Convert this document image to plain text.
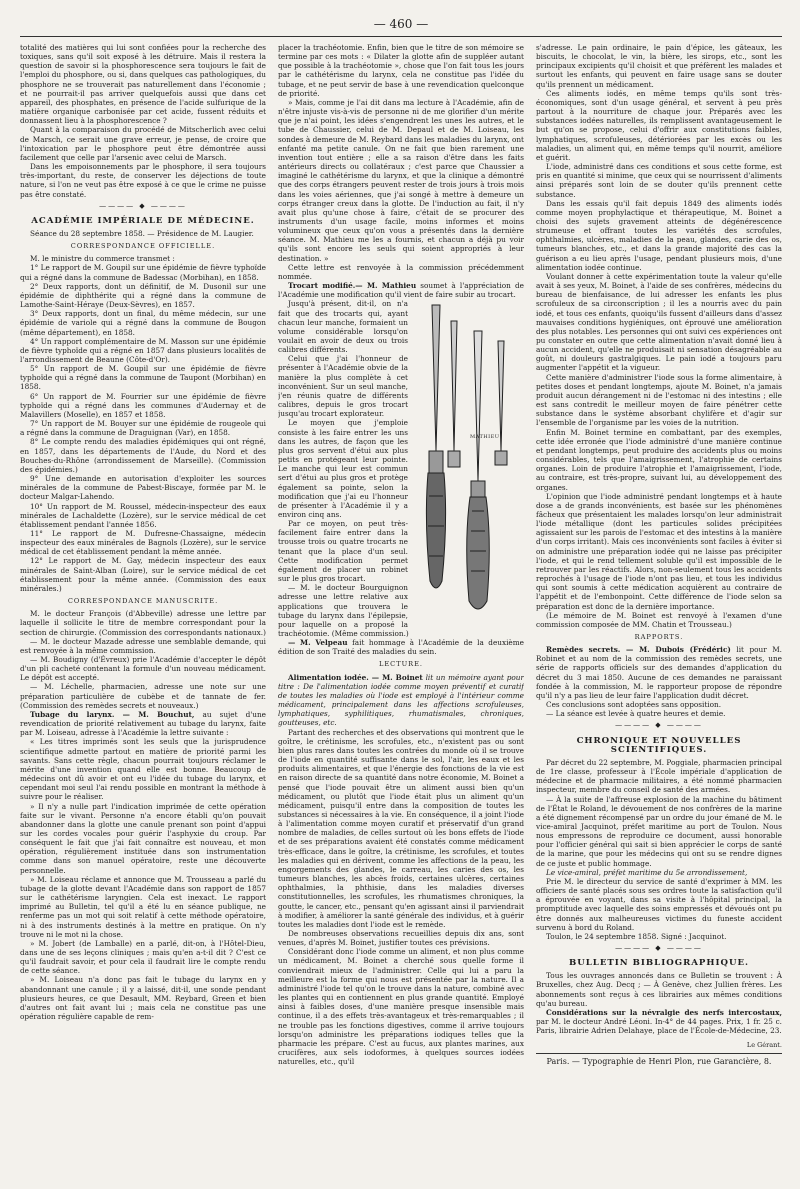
— 460 —

totalité des matières qui lui sont confiées pour la recherche des toxiques, sans qu'il soit exposé à les détruire. Mais il restera la question de savoir si la phosphorescence sera toujours le fait de l'emploi du phosphore, ou si, dans quelques cas pathologiques, du phosphore ne se trouverait pas naturellement dans l'économie ; et ne pourrait-il pas arriver quelquefois aussi que dans cet appareil, des phosphates, en présence de l'acide sulfurique de la matière organique carbonisée par cet acide, fussent réduits et donnassent lieu à la phosphorescence ?

Quant à la comparaison du procédé de Mitscherlich avec celui de Marsch, ce serait une grave erreur, je pense, de croire que l'intoxication par le phosphore peut être démontrée aussi facilement que celle par l'arsenic avec celui de Marsch.

Dans les empoisonnements par le phosphore, il sera toujours très-important, du reste, de conserver les déjections de toute nature, si l'on ne veut pas être exposé à ce que le crime ne puisse pas être constaté.

———— ◆ ————
ACADÉMIE IMPÉRIALE DE MÉDECINE.

Séance du 28 septembre 1858. — Présidence de M. Laugier.

CORRESPONDANCE OFFICIELLE.

M. le ministre du commerce transmet :

1° Le rapport de M. Goupil sur une épidémie de fièvre typhoïde qui a régné dans la commune de Badessac (Morbihan), en 1858.

2° Deux rapports, dont un définitif, de M. Dusonil sur une épidémie de diphthérite qui a régné dans la commune de Lamothe-Saint-Héraye (Deux-Sèvres), en 1857.

3° Deux rapports, dont un final, du même médecin, sur une épidémie de variole qui a régné dans la commune de Bougon (même département), en 1858.

4° Un rapport complémentaire de M. Masson sur une épidémie de fièvre typhoïde qui a régné en 1857 dans plusieurs localités de l'arrondissement de Beaune (Côte-d'Or).

5° Un rapport de M. Goupil sur une épidémie de fièvre typhoïde qui a régné dans la commune de Taupont (Morbihan) en 1858.

6° Un rapport de M. Fourrier sur une épidémie de fièvre typhoïde qui a régné dans les communes d'Audernay et de Malavillers (Moselle), en 1857 et 1858.

7° Un rapport de M. Bouyer sur une épidémie de rougeole qui a régné dans la commune de Draguignan (Var), en 1858.

8° Le compte rendu des maladies épidémiques qui ont régné, en 1857, dans les départements de l'Aude, du Nord et des Bouches-du-Rhône (arrondissement de Marseille). (Commission des épidémies.)

9° Une demande en autorisation d'exploiter les sources minérales de la commune de Pabest-Biscaye, formée par M. le docteur Malgar-Lahendo.

10° Un rapport de M. Roussel, médecin-inspecteur des eaux minérales de Lachaldette (Lozère), sur le service médical de cet établissement pendant l'année 1856.

11° Le rapport de M. Dufresne-Chassaigne, médecin inspecteur des eaux minérales de Bagnols (Lozère), sur le service médical de cet établissement pendant la même année.

12° Le rapport de M. Gay, médecin inspecteur des eaux minérales de Saint-Alban (Loire), sur le service médical de cet établissement pour la même année. (Commission des eaux minérales.)

CORRESPONDANCE MANUSCRITE.

M. le docteur François (d'Abbeville) adresse une lettre par laquelle il sollicite le titre de membre correspondant pour la section de chirurgie. (Commission des correspondants nationaux.)

— M. le docteur Mazade adresse une semblable demande, qui est renvoyée à la même commission.

— M. Boudigny (d'Évreux) prie l'Académie d'accepter le dépôt d'un pli cacheté contenant la formule d'un nouveau médicament. Le dépôt est accepté.

— M. Léchelle, pharmacien, adresse une note sur une préparation particulière de cubèbe et de tannate de fer. (Commission des remèdes secrets et nouveaux.)

Tubage du larynx. — M. Bouchut, au sujet d'une revendication de priorité relativement au tubage du larynx, faite par M. Loiseau, adresse à l'Académie la lettre suivante :

« Les titres imprimés sont les seuls que la jurisprudence scientifique admette partout en matière de priorité parmi les savants. Sans cette règle, chacun pourrait toujours réclamer le mérite d'une invention quand elle est bonne. Beaucoup de médecins ont dû avoir et ont eu l'idée du tubage du larynx, et cependant moi seul l'ai rendu possible en montrant la méthode à suivre pour le réaliser.

» Il n'y a nulle part l'indication imprimée de cette opération faite sur le vivant. Personne n'a encore établi qu'on pouvait abandonner dans la glotte une canule prenant son point d'appui sur les cordes vocales pour guérir l'asphyxie du croup. Par conséquent le fait que j'ai fait connaître est nouveau, et mon opération, régulièrement instituée dans son instrumentation comme dans son manuel opératoire, reste une découverte personnelle.

» M. Loiseau réclame et annonce que M. Trousseau a parlé du tubage de la glotte devant l'Académie dans son rapport de 1857 sur le cathétérisme laryngien. Cela est inexact. Le rapport imprimé au Bulletin, tel qu'il a été lu en séance publique, ne renferme pas un mot qui soit relatif à cette méthode opératoire, ni à des instruments destinés à la mettre en pratique. On n'y trouve ni le mot ni la chose.

» M. Jobert (de Lamballe) en a parlé, dit-on, à l'Hôtel-Dieu, dans une de ses leçons cliniques ; mais qu'en a-t-il dit ? C'est ce qu'il faudrait savoir, et pour cela il faudrait lire le compte rendu de cette séance.

» M. Loiseau n'a donc pas fait le tubage du larynx en y abandonnant une canule ; il y a laissé, dit-il, une sonde pendant plusieurs heures, ce que Desault, MM. Reybard, Green et bien d'autres ont fait avant lui ; mais cela ne constitue pas une opération régulière capable de rem-

placer la trachéotomie. Enfin, bien que le titre de son mémoire se termine par ces mots : « Dilater la glotte afin de suppléer autant que possible à la trachéotomie », chose que l'on fait tous les jours par le cathétérisme du larynx, cela ne constitue pas l'idée du tubage, et ne peut servir de base à une revendication quelconque de priorité.

» Mais, comme je l'ai dit dans ma lecture à l'Académie, afin de n'être injuste vis-à-vis de personne ni de me glorifier d'un mérite que je n'ai point, les idées s'engendrent les unes les autres, et le tube de Chaussier, celui de M. Depaul et de M. Loiseau, les sondes à demeure de M. Reybard dans les maladies du larynx, ont enfanté ma petite canule. On ne fait que bien rarement une invention tout entière ; elle a sa raison d'être dans les faits antérieurs directs ou collatéraux ; c'est parce que Chaussier a imaginé le cathétérisme du larynx, et que la clinique a démontré que des corps étrangers peuvent rester de trois jours à trois mois dans les voies aériennes, que j'ai songé à mettre à demeure un corps étranger creux dans la glotte. De l'induction au fait, il n'y avait plus qu'une chose à faire, c'était de se procurer des instruments d'un usage facile, moins informes et moins volumineux que ceux qu'on vous a présentés dans la dernière séance. M. Mathieu me les a fournis, et chacun a déjà pu voir qu'ils sont encore les seuls qui soient appropriés à leur destination. »

Cette lettre est renvoyée à la commission précédemment nommée.

Trocart modifié.— M. Mathieu soumet à l'appréciation de l'Académie une modification qu'il vient de faire subir au trocart.

MATHIEU

Jusqu'à présent, dit-il, on n'a fait que des trocarts qui, ayant chacun leur manche, formaient un volume considérable lorsqu'on voulait en avoir de deux ou trois calibres différents.

Celui que j'ai l'honneur de présenter à l'Académie obvie de la manière la plus complète à cet inconvénient. Sur un seul manche, j'en réunis quatre de différents calibres, depuis le gros trocart jusqu'au trocart explorateur.

Le moyen que j'emploie consiste à les faire entrer les uns dans les autres, de façon que les plus gros servent d'étui aux plus petits en protégeant leur pointe. Le manche qui leur est commun sert d'étui au plus gros et protège également sa pointe, selon la modification que j'ai eu l'honneur de présenter à l'Académie il y a environ cinq ans.

Par ce moyen, on peut très-facilement faire entrer dans la trousse trois ou quatre trocarts ne tenant que la place d'un seul. Cette modification permet également de placer un robinet sur le plus gros trocart.

— M. le docteur Bourguignon adresse une lettre relative aux applications que trouvera le tubage du larynx dans l'épilepsie, pour laquelle on a proposé la trachéotomie. (Même commission.)

— M. Velpeau fait hommage à l'Académie de la deuxième édition de son Traité des maladies du sein.

LECTURE.

Alimentation iodée. — M. Boinet lit un mémoire ayant pour titre : De l'alimentation iodée comme moyen préventif et curatif de toutes les maladies où l'iode est employé à l'intérieur comme médicament, principalement dans les affections scrofuleuses, lymphatiques, syphilitiques, rhumatismales, chroniques, goutteuses, etc.

Partant des recherches et des observations qui montrent que le goître, le crétinisme, les scrofules, etc., n'existent pas ou sont bien plus rares dans toutes les contrées du monde où il se trouve de l'iode en quantité suffisante dans le sol, l'air, les eaux et les produits alimentaires, et que l'énergie des fonctions de la vie est en raison directe de sa quantité dans notre économie, M. Boinet a pensé que l'iode pouvait être un aliment aussi bien qu'un médicament, ou plutôt que l'iode était plus un aliment qu'un médicament, puisqu'il entre dans la composition de toutes les substances si nécessaires à la vie. En conséquence, il a joint l'iode à l'alimentation comme moyen curatif et préservatif d'un grand nombre de maladies, de celles surtout où les bons effets de l'iode et de ses préparations avaient été constatés comme médicament très-efficace, dans le goître, la crétinisme, les scrofules, et toutes les maladies qui en dérivent, comme les affections de la peau, les engorgements des glandes, le carreau, les caries des os, les tumeurs blanches, les abcès froids, certaines ulcères, certaines ophthalmies, la phthisie, dans les maladies diverses constitutionnelles, les scrofules, les rhumatismes chroniques, la goutte, le cancer, etc., pensant qu'en agissant ainsi il parviendrait à modifier, à améliorer la santé générale des individus, et à guérir toutes les maladies dont l'iode est le remède.

De nombreuses observations recueillies depuis dix ans, sont venues, d'après M. Boinet, justifier toutes ces prévisions.

Considérant donc l'iode comme un aliment, et non plus comme un médicament, M. Boinet a cherché sous quelle forme il conviendrait mieux de l'administrer. Celle qui lui a paru la meilleure est la forme qui nous est présentée par la nature. Il a administré l'iode tel qu'on le trouve dans la nature, combiné avec les plantes qui en contiennent en plus grande quantité. Employé ainsi à faibles doses, d'une manière presque insensible mais continue, il a des effets très-avantageux et très-remarquables ; il ne trouble pas les fonctions digestives, comme il arrive toujours lorsqu'on administre les préparations iodiques telles que la pharmacie les prépare. C'est au fucus, aux plantes marines, aux crucifères, aux sels iodoformes, à quelques sources iodées naturelles, etc., qu'il

s'adresse. Le pain ordinaire, le pain d'épice, les gâteaux, les biscuits, le chocolat, le vin, la bière, les sirops, etc., sont les principaux excipients qu'il choisit et que préfèrent les malades et surtout les enfants, qui peuvent en faire usage sans se douter qu'ils prennent un médicament.

Ces aliments iodés, en même temps qu'ils sont très-économiques, sont d'un usage général, et servent à peu près partout à la nourriture de chaque jour. Préparés avec les substances iodées naturelles, ils remplissent avantageusement le but qu'on se propose, celui d'offrir aux constitutions faibles, lymphatiques, scrofuleuses, détériorées par les excès ou les maladies, un aliment qui, en même temps qu'il nourrit, améliore et guérit.

L'iode, administré dans ces conditions et sous cette forme, est pris en quantité si minime, que ceux qui se nourrissent d'aliments ainsi préparés sont loin de se douter qu'ils prennent cette substance.

Dans les essais qu'il fait depuis 1849 des aliments iodés comme moyen prophylactique et thérapeutique, M. Boinet a choisi des sujets gravement atteints de dégénérescence strumeuse et offrant toutes les variétés des scrofules, ophthalmies, ulcères, maladies de la peau, glandes, carie des os, tumeurs blanches, etc., et dans la grande majorité des cas la guérison a eu lieu après l'usage, pendant plusieurs mois, d'une alimentation iodée continue.

Voulant donner à cette expérimentation toute la valeur qu'elle avait à ses yeux, M. Boinet, à l'aide de ses confrères, médecins du bureau de bienfaisance, de lui adresser les enfants les plus scrofuleux de sa circonscription ; il les a nourris avec du pain iodé, et tous ces enfants, quoiqu'ils fussent d'ailleurs dans d'assez mauvaises conditions hygiéniques, ont éprouvé une amélioration des plus notables. Les personnes qui ont suivi ces expériences ont pu constater en outre que cette alimentation n'avait donné lieu à aucun accident, qu'elle ne produisait ni sensation désagréable au goût, ni douleurs gastralgiques. Le pain iodé a toujours paru augmenter l'appétit et la vigueur.

Cette manière d'administrer l'iode sous la forme alimentaire, à petites doses et pendant longtemps, ajoute M. Boinet, n'a jamais produit aucun dérangement ni de l'estomac ni des intestins ; elle est sans contredit le meilleur moyen de faire pénétrer cette substance dans le système absorbant chylifère et d'agir sur l'ensemble de l'organisme par les voies de la nutrition.

Enfin M. Boinet termine en combattant, par des exemples, cette idée erronée que l'iode administré d'une manière continue et pendant longtemps, peut produire des accidents plus ou moins considérables, tels que l'amaigrissement, l'atrophie de certains organes. Loin de produire l'atrophie et l'amaigrissement, l'iode, au contraire, est très-propre, suivant lui, au développement des organes.

L'opinion que l'iode administré pendant longtemps et à haute dose a de grands inconvénients, est basée sur les phénomènes fâcheux que présentaient les malades lorsqu'on leur administrait l'iode métallique (dont les particules solides précipitées agissaient sur les parois de l'estomac et des intestins à la manière d'un corps irritant). Mais ces inconvénients sont faciles à éviter si on administre une préparation iodée qui ne laisse pas précipiter l'iode, et qui le rend tellement soluble qu'il est impossible de le retrouver par les réactifs. Alors, non-seulement tous les accidents reprochés à l'usage de l'iode n'ont pas lieu, et tous les individus qui sont soumis à cette médication acquièrent au contraire de l'appétit et de l'embonpoint. Cette différence de l'iode selon sa préparation est donc de la dernière importance.

(Le mémoire de M. Boinet est renvoyé à l'examen d'une commission composée de MM. Chatin et Trousseau.)

RAPPORTS.

Remèdes secrets. — M. Dubois (Frédéric) lit pour M. Robinet et au nom de la commission des remèdes secrets, une série de rapports officiels sur des demandes d'application du décret du 3 mai 1850. Aucune de ces demandes ne paraissant fondée à la commission, M. le rapporteur propose de répondre qu'il n'y a pas lieu de leur faire l'application dudit décret.

Ces conclusions sont adoptées sans opposition.

— La séance est levée à quatre heures et demie.

———— ◆ ————
CHRONIQUE ET NOUVELLES SCIENTIFIQUES.

Par décret du 22 septembre, M. Poggiale, pharmacien principal de 1re classe, professeur à l'École impériale d'application de médecine et de pharmacie militaires, a été nommé pharmacien inspecteur, membre du conseil de santé des armées.

— À la suite de l'affreuse explosion de la machine du bâtiment de l'État le Roland, le dévouement de nos confrères de la marine a été dignement récompensé par un ordre du jour émané de M. le vice-amiral Jacquinot, préfet maritime au port de Toulon. Nous nous empressons de reproduire ce document, aussi honorable pour l'officier général qui sait si bien apprécier le corps de santé de la marine, que pour les médecins qui ont su se rendre dignes de ce juste et public hommage.

Le vice-amiral, préfet maritime du 5e arrondissement,

Prie M. le directeur du service de santé d'exprimer à MM. les officiers de santé placés sous ses ordres toute la satisfaction qu'il a éprouvée en voyant, dans sa visite à l'hôpital principal, la promptitude avec laquelle des soins empressés et dévoués ont pu être donnés aux malheureuses victimes du funeste accident survenu à bord du Roland.

Toulon, le 24 septembre 1858. Signé : Jacquinot.

———— ◆ ————
BULLETIN BIBLIOGRAPHIQUE.

Tous les ouvrages annoncés dans ce Bulletin se trouvent : À Bruxelles, chez Aug. Decq ; — À Genève, chez Jullien frères. Les abonnements sont reçus à ces librairies aux mêmes conditions qu'au bureau.

Considérations sur la névralgie des nerfs intercostaux, par M. le docteur André Léoni. In-4° de 44 pages. Prix, 1 fr. 25 c. Paris, librairie Adrien Delahaye, place de l'École-de-Médecine, 23.

Le Gérant.
Paris. — Typographie de Henri Plon, rue Garancière, 8.
